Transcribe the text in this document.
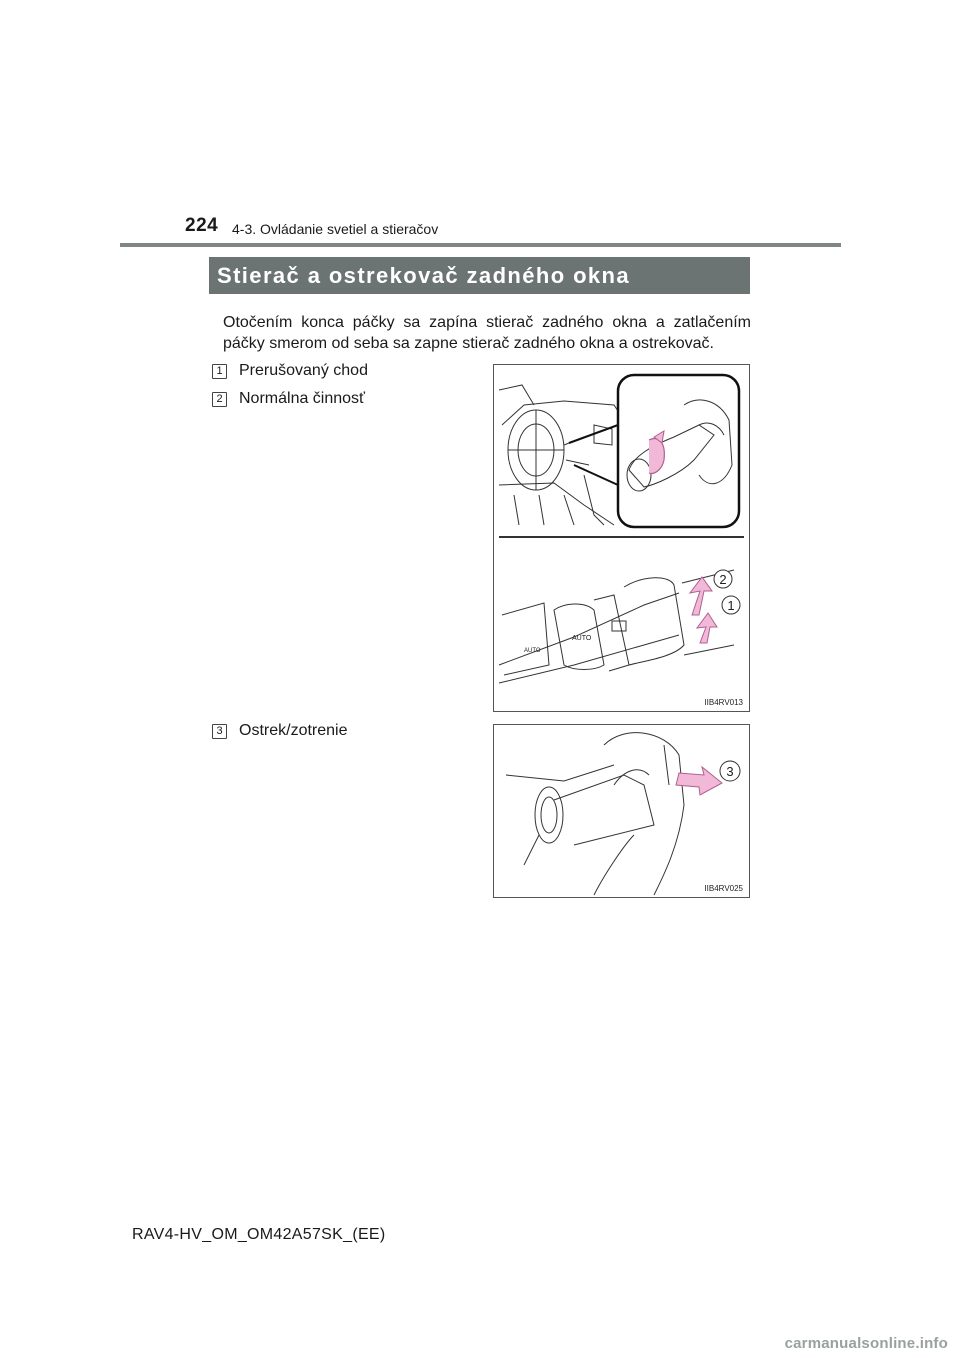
224 4-3. Ovládanie svetiel a stieračov
Stierač a ostrekovač zadného okna

Otočením konca páčky sa zapína stierač zadného okna a zatlačením páčky smerom od seba sa zapne stierač zadného okna a ostrekovač.

1 Prerušovaný chod
2 Normálna činnosť
3 Ostrek/zotrenie
AUTO
AUTO
2
1
IIB4RV013
3
IIB4RV025
RAV4-HV_OM_OM42A57SK_(EE)
carmanualsonline.info
